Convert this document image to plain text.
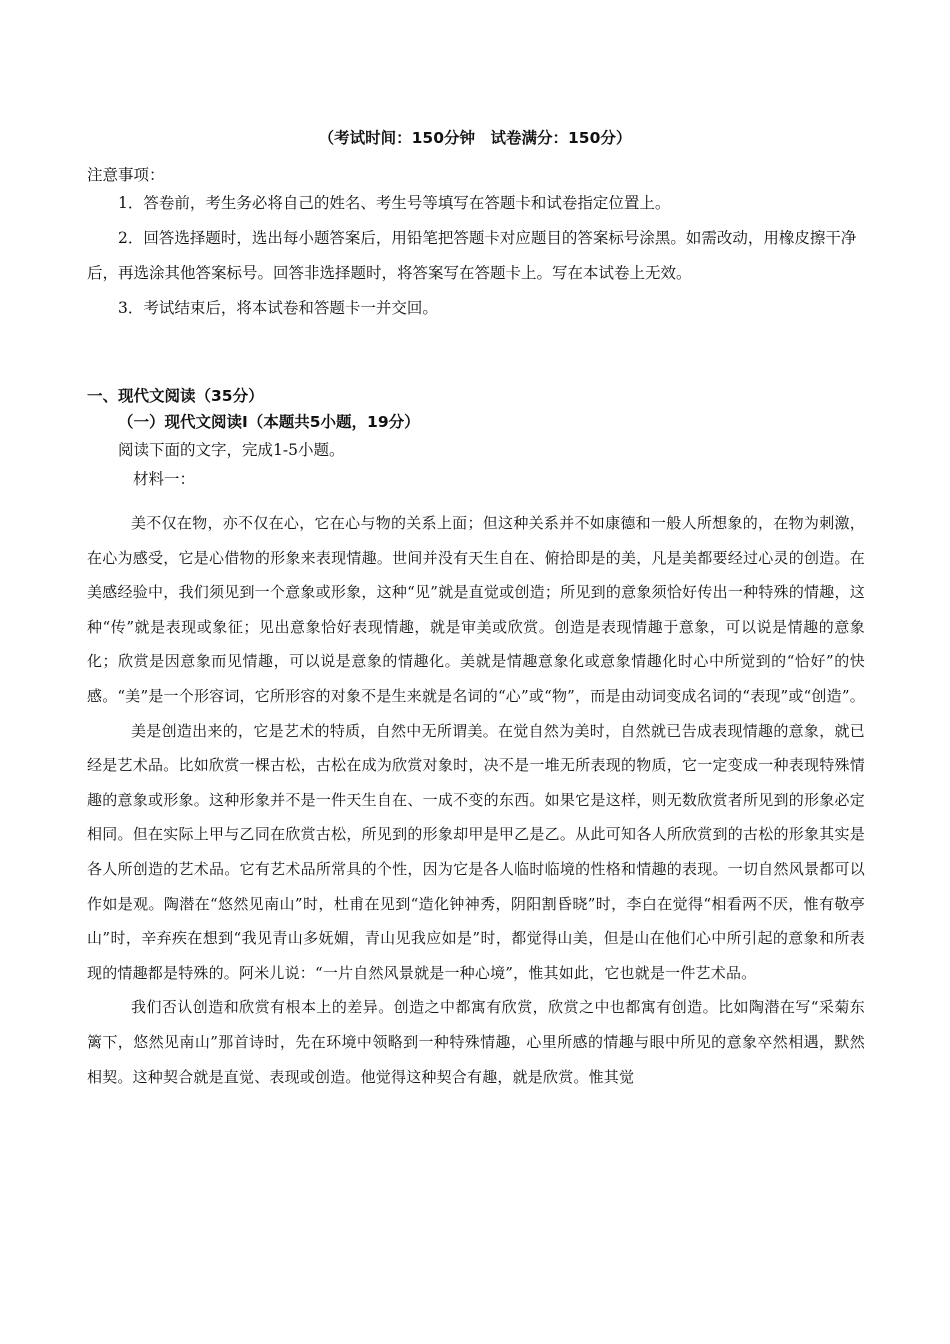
（考试时间：150分钟　试卷满分：150分）
注意事项：
1．答卷前，考生务必将自己的姓名、考生号等填写在答题卡和试卷指定位置上。
2．回答选择题时，选出每小题答案后，用铅笔把答题卡对应题目的答案标号涂黑。如需改动，用橡皮擦干净后，再选涂其他答案标号。回答非选择题时，将答案写在答题卡上。写在本试卷上无效。
3．考试结束后，将本试卷和答题卡一并交回。
一、现代文阅读（35分）
（一）现代文阅读Ⅰ（本题共5小题，19分）
阅读下面的文字，完成1-5小题。
材料一：

美不仅在物，亦不仅在心，它在心与物的关系上面；但这种关系并不如康德和一般人所想象的，在物为刺激，在心为感受，它是心借物的形象来表现情趣。世间并没有天生自在、俯拾即是的美，凡是美都要经过心灵的创造。在美感经验中，我们须见到一个意象或形象，这种“见”就是直觉或创造；所见到的意象须恰好传出一种特殊的情趣，这种“传”就是表现或象征；见出意象恰好表现情趣，就是审美或欣赏。创造是表现情趣于意象，可以说是情趣的意象化；欣赏是因意象而见情趣，可以说是意象的情趣化。美就是情趣意象化或意象情趣化时心中所觉到的“恰好”的快感。“美”是一个形容词，它所形容的对象不是生来就是名词的“心”或“物”，而是由动词变成名词的“表现”或“创造”。

美是创造出来的，它是艺术的特质，自然中无所谓美。在觉自然为美时，自然就已告成表现情趣的意象，就已经是艺术品。比如欣赏一棵古松，古松在成为欣赏对象时，决不是一堆无所表现的物质，它一定变成一种表现特殊情趣的意象或形象。这种形象并不是一件天生自在、一成不变的东西。如果它是这样，则无数欣赏者所见到的形象必定相同。但在实际上甲与乙同在欣赏古松，所见到的形象却甲是甲乙是乙。从此可知各人所欣赏到的古松的形象其实是各人所创造的艺术品。它有艺术品所常具的个性，因为它是各人临时临境的性格和情趣的表现。一切自然风景都可以作如是观。陶潜在“悠然见南山”时，杜甫在见到“造化钟神秀，阴阳割昏晓”时，李白在觉得“相看两不厌，惟有敬亭山”时，辛弃疾在想到“我见青山多妩媚，青山见我应如是”时，都觉得山美，但是山在他们心中所引起的意象和所表现的情趣都是特殊的。阿米儿说：“一片自然风景就是一种心境”，惟其如此，它也就是一件艺术品。

我们否认创造和欣赏有根本上的差异。创造之中都寓有欣赏，欣赏之中也都寓有创造。比如陶潜在写“采菊东篱下，悠然见南山”那首诗时，先在环境中领略到一种特殊情趣，心里所感的情趣与眼中所见的意象卒然相遇，默然相契。这种契合就是直觉、表现或创造。他觉得这种契合有趣，就是欣赏。惟其觉
